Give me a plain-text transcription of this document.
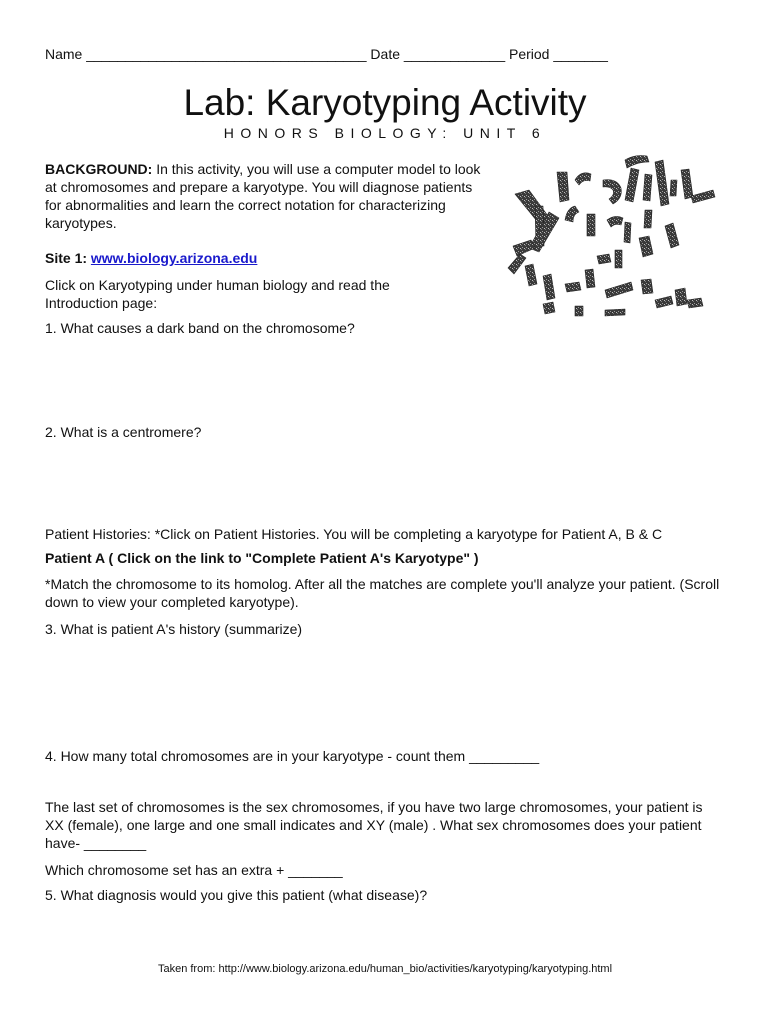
Name ____________________________________ Date _____________ Period _______
Lab: Karyotyping Activity
HONORS BIOLOGY: UNIT 6
BACKGROUND: In this activity, you will use a computer model to look at chromosomes and prepare a karyotype. You will diagnose patients for abnormalities and learn the correct notation for characterizing karyotypes.
Site 1: www.biology.arizona.edu
Click on Karyotyping under human biology and read the Introduction page:
1. What causes a dark band on the chromosome?
2. What is a centromere?
Patient Histories: *Click on Patient Histories. You will be completing a karyotype for Patient A, B & C
Patient A ( Click on the link to "Complete Patient A's Karyotype" )
*Match the chromosome to its homolog. After all the matches are complete you'll analyze your patient. (Scroll down to view your completed karyotype).
3. What is patient A's history (summarize)
4. How many total chromosomes are in your karyotype - count them _________
The last set of chromosomes is the sex chromosomes, if you have two large chromosomes, your patient is XX (female), one large and one small indicates and XY (male) . What sex chromosomes does your patient have- ________
Which chromosome set has an extra + _______
5. What diagnosis would you give this patient (what disease)?
Taken from: http://www.biology.arizona.edu/human_bio/activities/karyotyping/karyotyping.html
